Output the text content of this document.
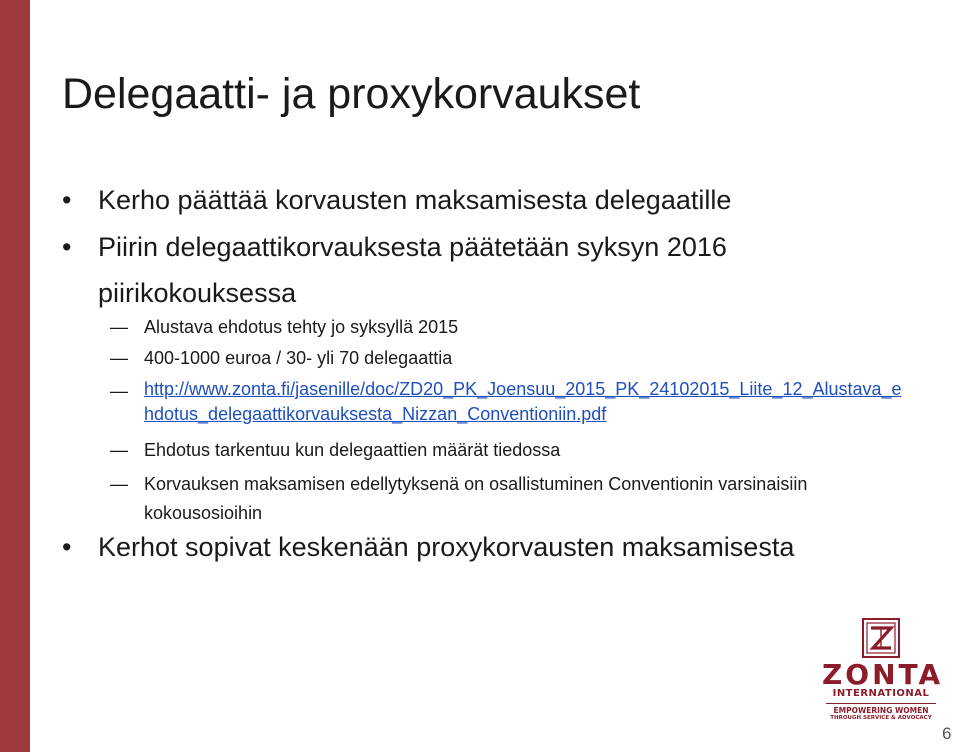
Delegaatti- ja proxykorvaukset
• Kerho päättää korvausten maksamisesta delegaatille
• Piirin delegaattikorvauksesta päätetään syksyn 2016 piirikokouksessa
— Alustava ehdotus tehty jo syksyllä 2015
— 400-1000 euroa / 30- yli 70 delegaattia
— http://www.zonta.fi/jasenille/doc/ZD20_PK_Joensuu_2015_PK_24102015_Liite_12_Alustava_ehdotus_delegaattikorvauksesta_Nizzan_Conventioniin.pdf
— Ehdotus tarkentuu kun delegaattien määrät tiedossa
— Korvauksen maksamisen edellytyksenä on osallistuminen Conventionin varsinaisiin kokousosioihin
• Kerhot sopivat keskenään proxykorvausten maksamisesta
ZONTA
INTERNATIONAL
EMPOWERING WOMEN
THROUGH SERVICE & ADVOCACY
6
